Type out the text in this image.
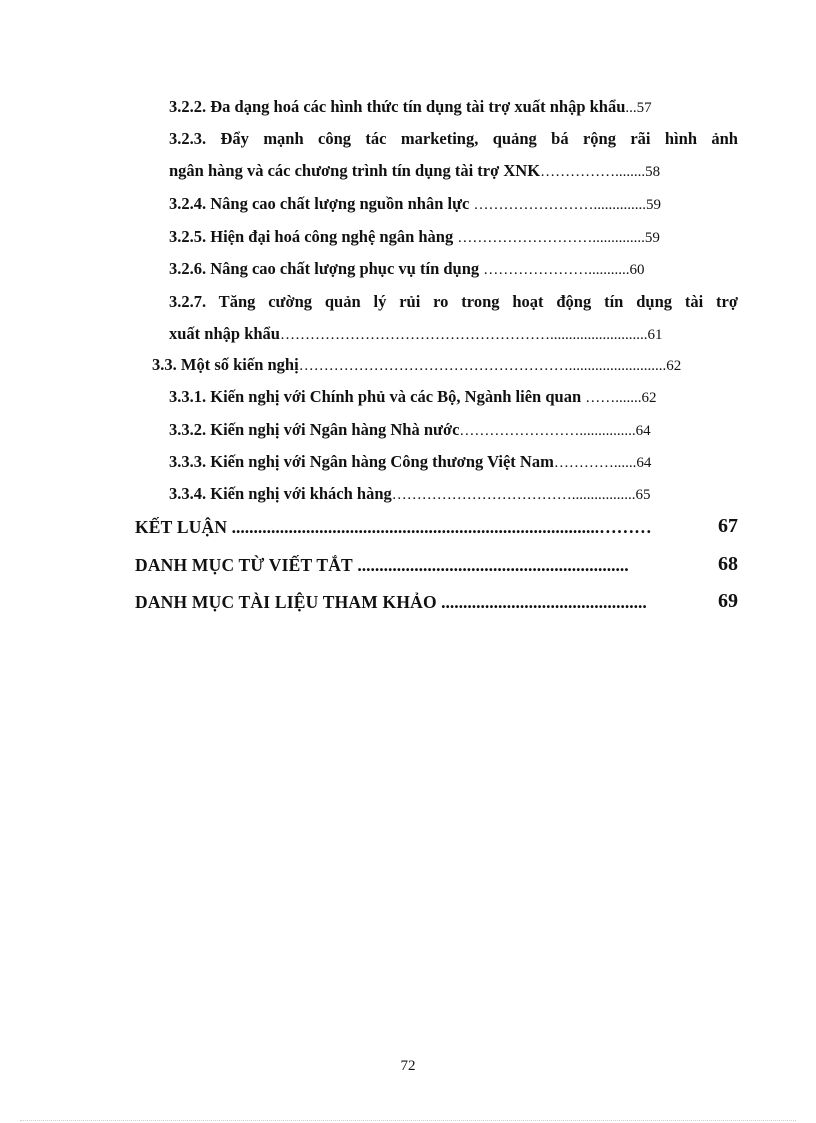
3.2.2. Đa dạng hoá các hình thức tín dụng tài trợ xuất nhập khẩu...57
3.2.3. Đẩy mạnh công tác marketing, quảng bá rộng rãi hình ảnh
ngân hàng và các chương trình tín dụng tài trợ XNK……………........58
3.2.4. Nâng cao chất lượng nguồn nhân lực ……………………..............59
3.2.5. Hiện đại hoá công nghệ ngân hàng ………………………..............59
3.2.6. Nâng cao chất lượng phục vụ tín dụng …………………...........60
3.2.7. Tăng cường quản lý rủi ro trong hoạt động tín dụng tài trợ
xuất nhập khẩu………………………………………………..........................61
3.3. Một số kiến nghị………………………………………………..........................62
3.3.1. Kiến nghị với Chính phủ và các Bộ, Ngành liên quan …….......62
3.3.2. Kiến nghị với Ngân hàng Nhà nước……………………...............64
3.3.3. Kiến nghị với Ngân hàng Công thương Việt Nam…………......64
3.3.4. Kiến nghị với khách hàng……………………………….................65
KẾT LUẬN ....................................................................................………	67
DANH MỤC TỪ VIẾT TẮT ..............................................................	68
DANH MỤC TÀI LIỆU THAM KHẢO ...............................................	69
72
